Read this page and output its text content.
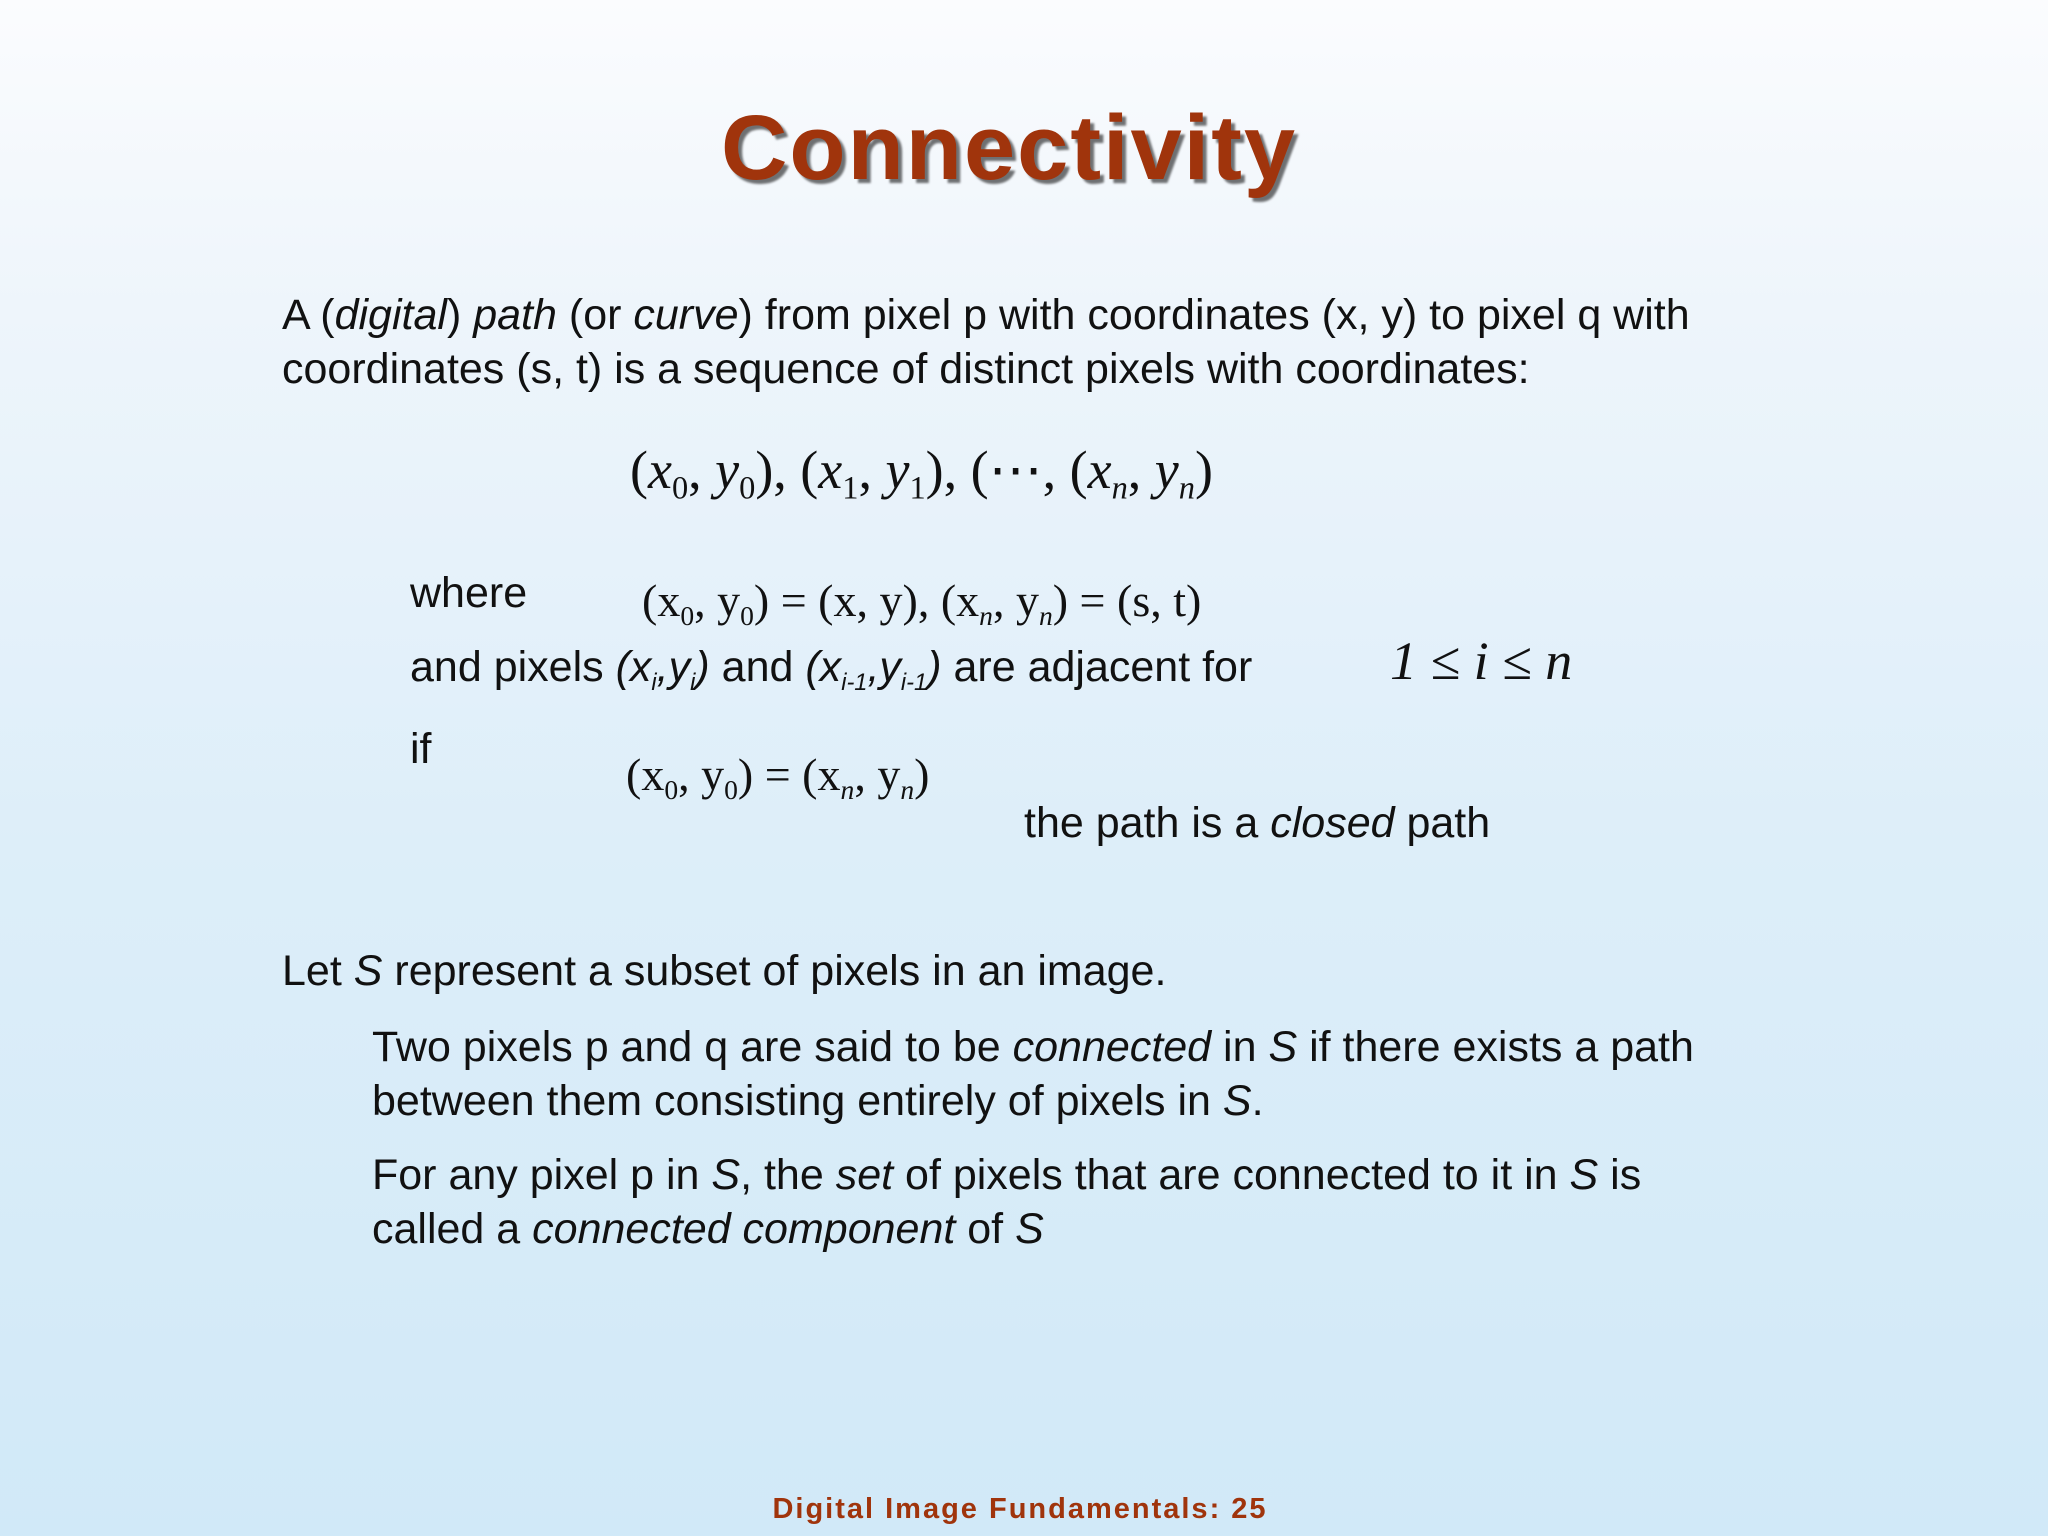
Connectivity
A (digital) path (or curve) from pixel p with coordinates (x, y) to pixel q with
coordinates (s, t) is a sequence of distinct pixels with coordinates:
($x_0$, $y_0$), ($x_1$, $y_1$), (⋯, ($x_n$, $y_n$)
where ($x_0$, $y_0) = (x$, y), ($x_n$, $y_n) = (s$, t)
and pixels $(x_i,y_i)$ and $(x_{i-1},y_{i-1})$ are adjacent for	1 ≤ i ≤ n
if	($x_0$, $y_0) = (x_n$, $y_n$)
the path is a closed path
Let S represent a subset of pixels in an image.
Two pixels p and q are said to be connected in S if there exists a path
between them consisting entirely of pixels in S.
For any pixel p in S, the set of pixels that are connected to it in S is
called a connected component of S
Digital Image Fundamentals: 25
